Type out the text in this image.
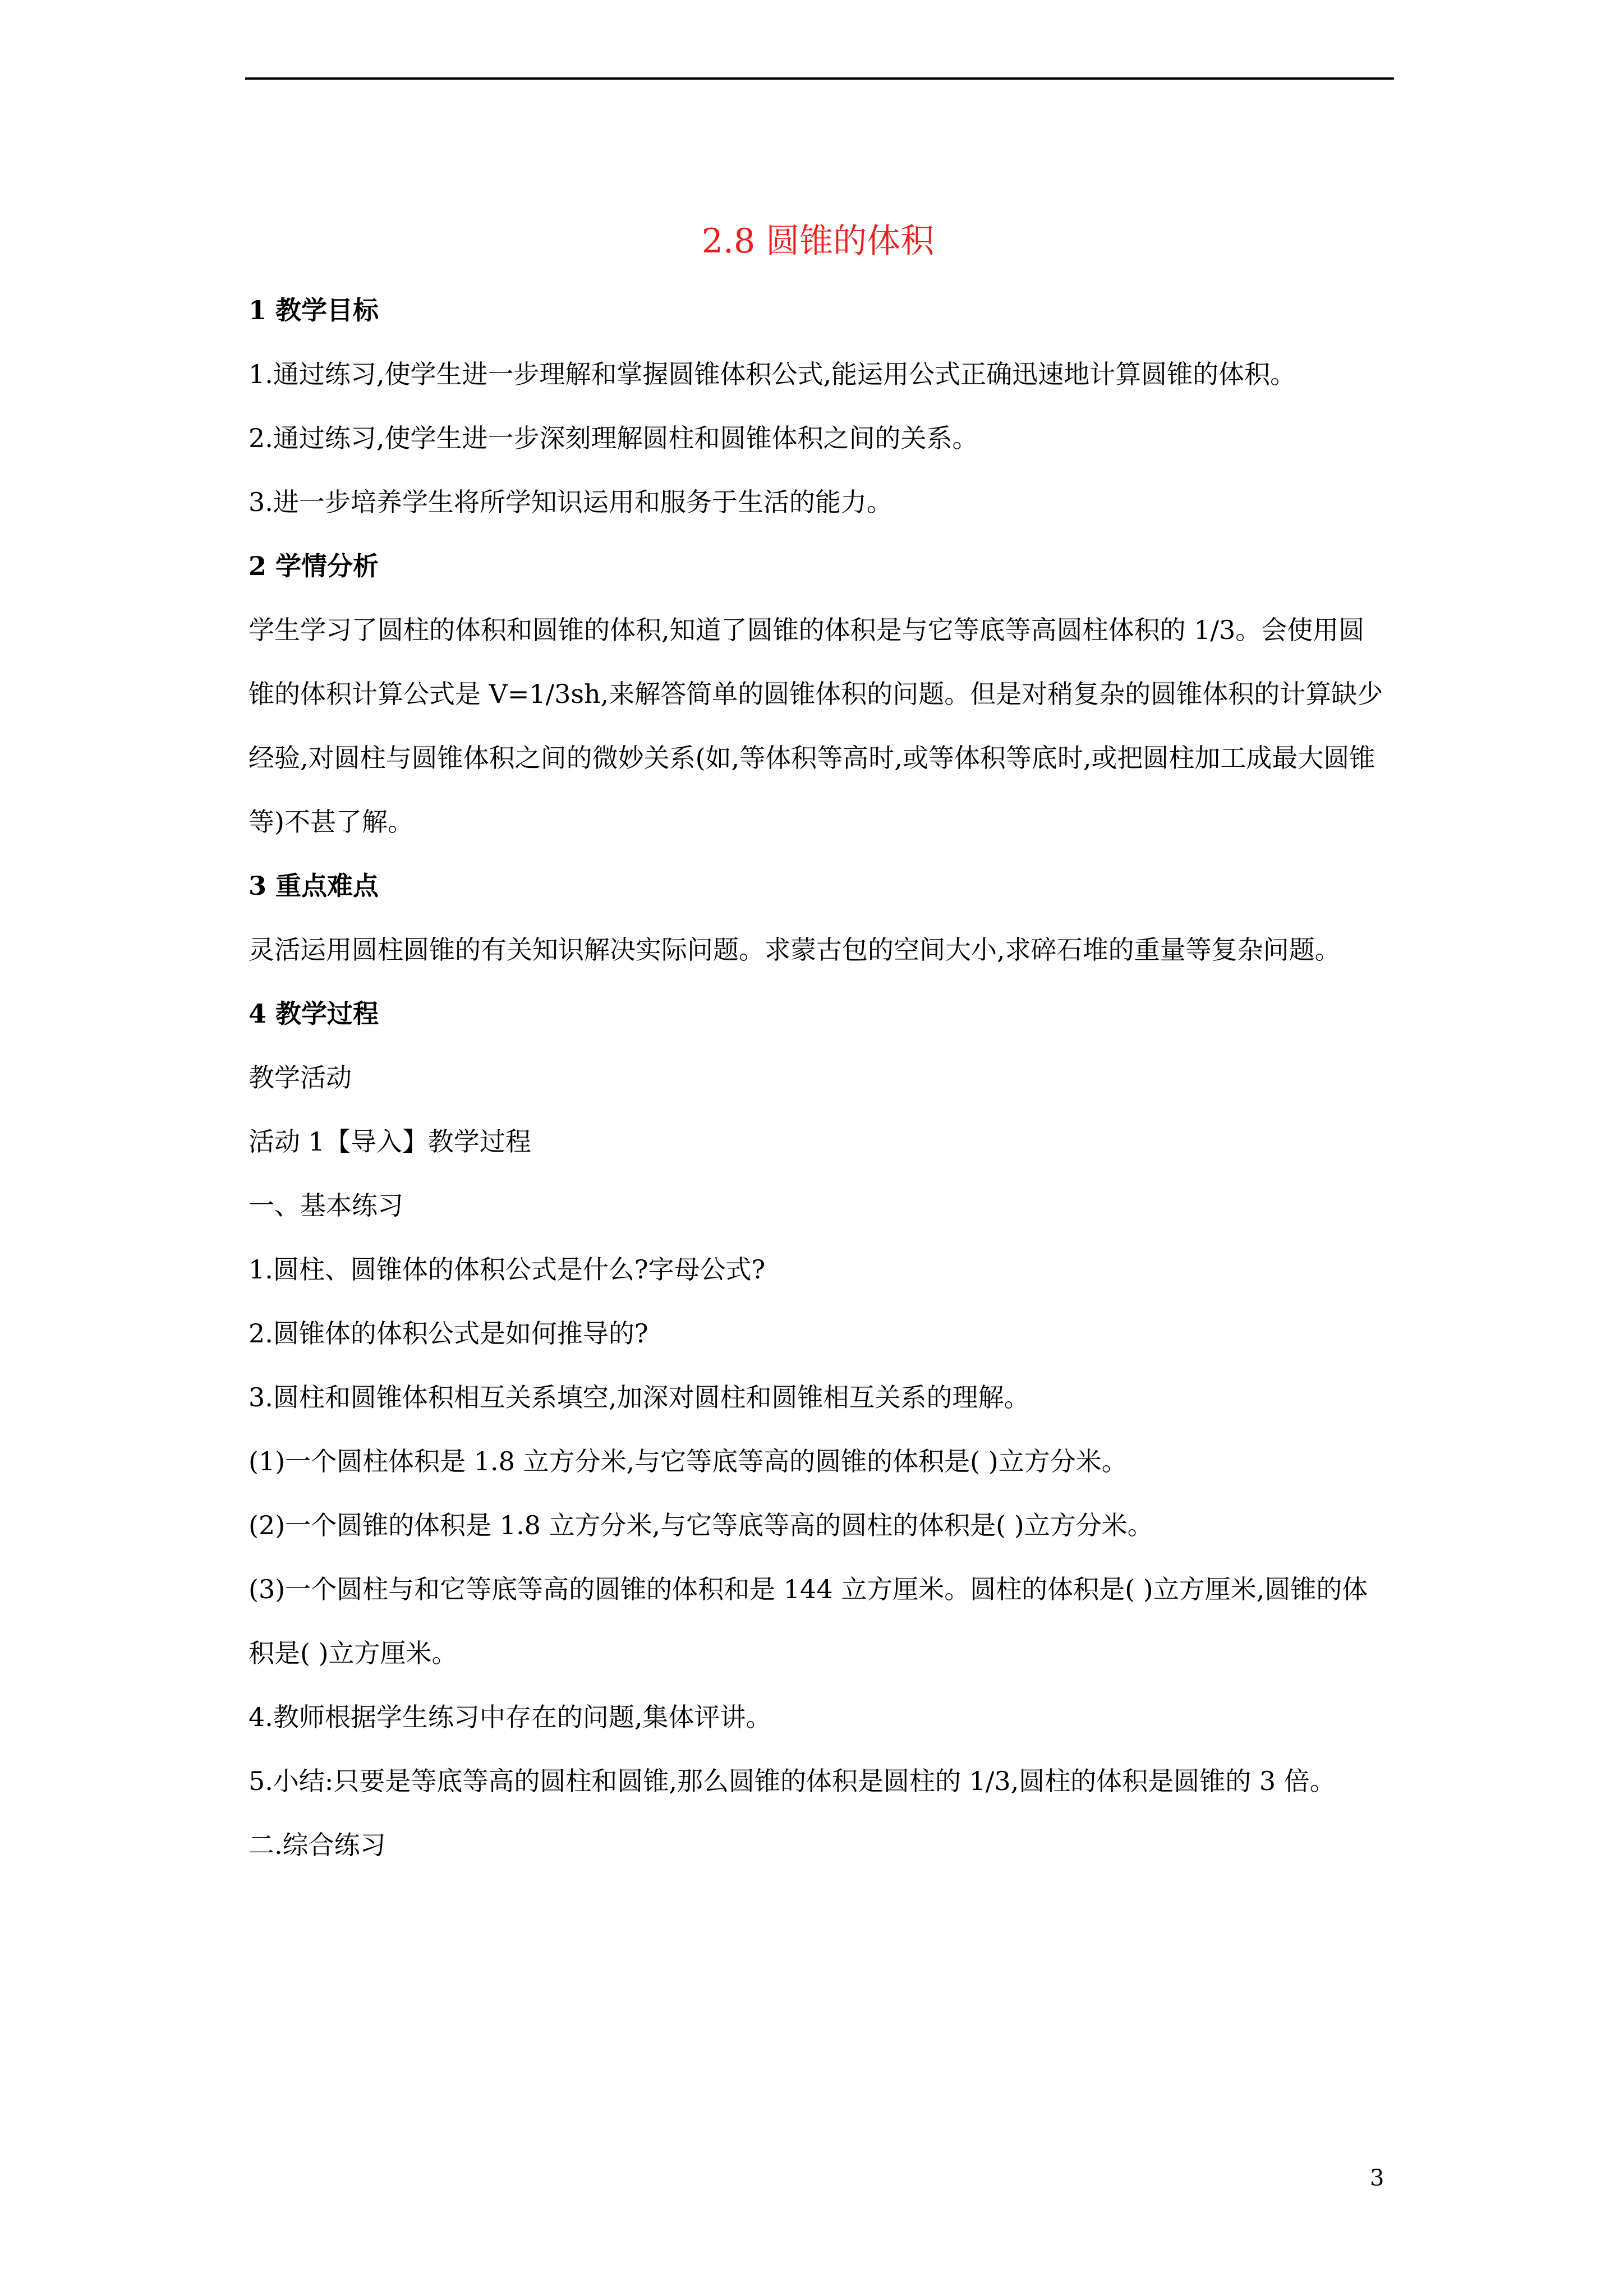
2.8 圆锥的体积

1 教学目标

1.通过练习,使学生进一步理解和掌握圆锥体积公式,能运用公式正确迅速地计算圆锥的体积。

2.通过练习,使学生进一步深刻理解圆柱和圆锥体积之间的关系。

3.进一步培养学生将所学知识运用和服务于生活的能力。

2 学情分析

学生学习了圆柱的体积和圆锥的体积,知道了圆锥的体积是与它等底等高圆柱体积的 1/3。会使用圆锥的体积计算公式是 V=1/3sh,来解答简单的圆锥体积的问题。但是对稍复杂的圆锥体积的计算缺少经验,对圆柱与圆锥体积之间的微妙关系(如,等体积等高时,或等体积等底时,或把圆柱加工成最大圆锥等)不甚了解。

3 重点难点

灵活运用圆柱圆锥的有关知识解决实际问题。求蒙古包的空间大小,求碎石堆的重量等复杂问题。

4 教学过程

教学活动

活动 1【导入】教学过程

一、基本练习

1.圆柱、圆锥体的体积公式是什么?字母公式?

2.圆锥体的体积公式是如何推导的?

3.圆柱和圆锥体积相互关系填空,加深对圆柱和圆锥相互关系的理解。

(1)一个圆柱体积是 1.8 立方分米,与它等底等高的圆锥的体积是( )立方分米。

(2)一个圆锥的体积是 1.8 立方分米,与它等底等高的圆柱的体积是( )立方分米。

(3)一个圆柱与和它等底等高的圆锥的体积和是 144 立方厘米。圆柱的体积是( )立方厘米,圆锥的体积是( )立方厘米。

4.教师根据学生练习中存在的问题,集体评讲。

5.小结:只要是等底等高的圆柱和圆锥,那么圆锥的体积是圆柱的 1/3,圆柱的体积是圆锥的 3 倍。

二.综合练习

3
